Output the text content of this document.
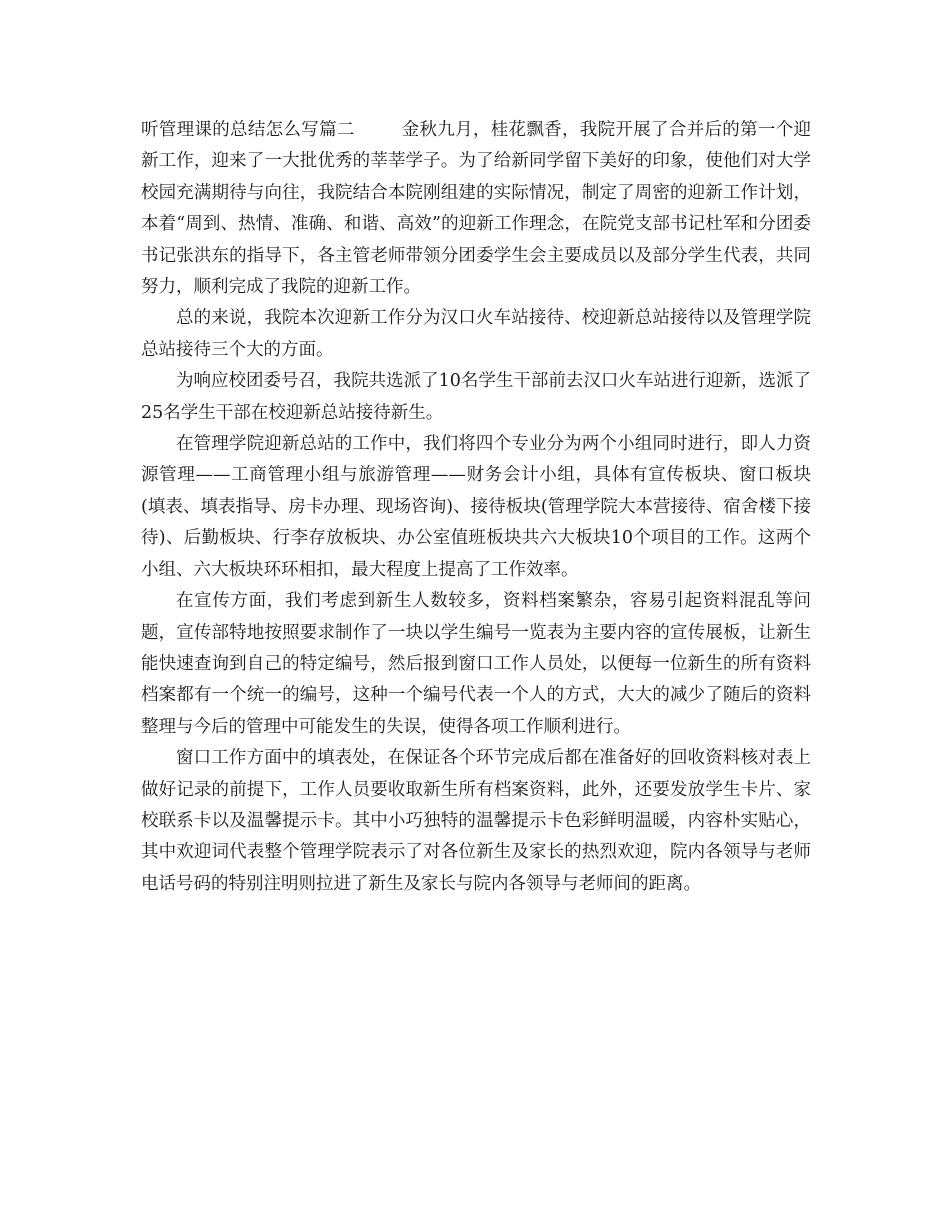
听管理课的总结怎么写篇二	金秋九月，桂花飘香，我院开展了合并后的第一个迎新工作，迎来了一大批优秀的莘莘学子。为了给新同学留下美好的印象，使他们对大学校园充满期待与向往，我院结合本院刚组建的实际情况，制定了周密的迎新工作计划，本着“周到、热情、准确、和谐、高效”的迎新工作理念，在院党支部书记杜军和分团委书记张洪东的指导下，各主管老师带领分团委学生会主要成员以及部分学生代表，共同努力，顺利完成了我院的迎新工作。

总的来说，我院本次迎新工作分为汉口火车站接待、校迎新总站接待以及管理学院总站接待三个大的方面。

为响应校团委号召，我院共选派了10名学生干部前去汉口火车站进行迎新，选派了25名学生干部在校迎新总站接待新生。

在管理学院迎新总站的工作中，我们将四个专业分为两个小组同时进行，即人力资源管理——工商管理小组与旅游管理——财务会计小组，具体有宣传板块、窗口板块(填表、填表指导、房卡办理、现场咨询)、接待板块(管理学院大本营接待、宿舍楼下接待)、后勤板块、行李存放板块、办公室值班板块共六大板块10个项目的工作。这两个小组、六大板块环环相扣，最大程度上提高了工作效率。

在宣传方面，我们考虑到新生人数较多，资料档案繁杂，容易引起资料混乱等问题，宣传部特地按照要求制作了一块以学生编号一览表为主要内容的宣传展板，让新生能快速查询到自己的特定编号，然后报到窗口工作人员处，以便每一位新生的所有资料档案都有一个统一的编号，这种一个编号代表一个人的方式，大大的减少了随后的资料整理与今后的管理中可能发生的失误，使得各项工作顺利进行。

窗口工作方面中的填表处，在保证各个环节完成后都在准备好的回收资料核对表上做好记录的前提下，工作人员要收取新生所有档案资料，此外，还要发放学生卡片、家校联系卡以及温馨提示卡。其中小巧独特的温馨提示卡色彩鲜明温暖，内容朴实贴心，其中欢迎词代表整个管理学院表示了对各位新生及家长的热烈欢迎，院内各领导与老师电话号码的特别注明则拉进了新生及家长与院内各领导与老师间的距离。
